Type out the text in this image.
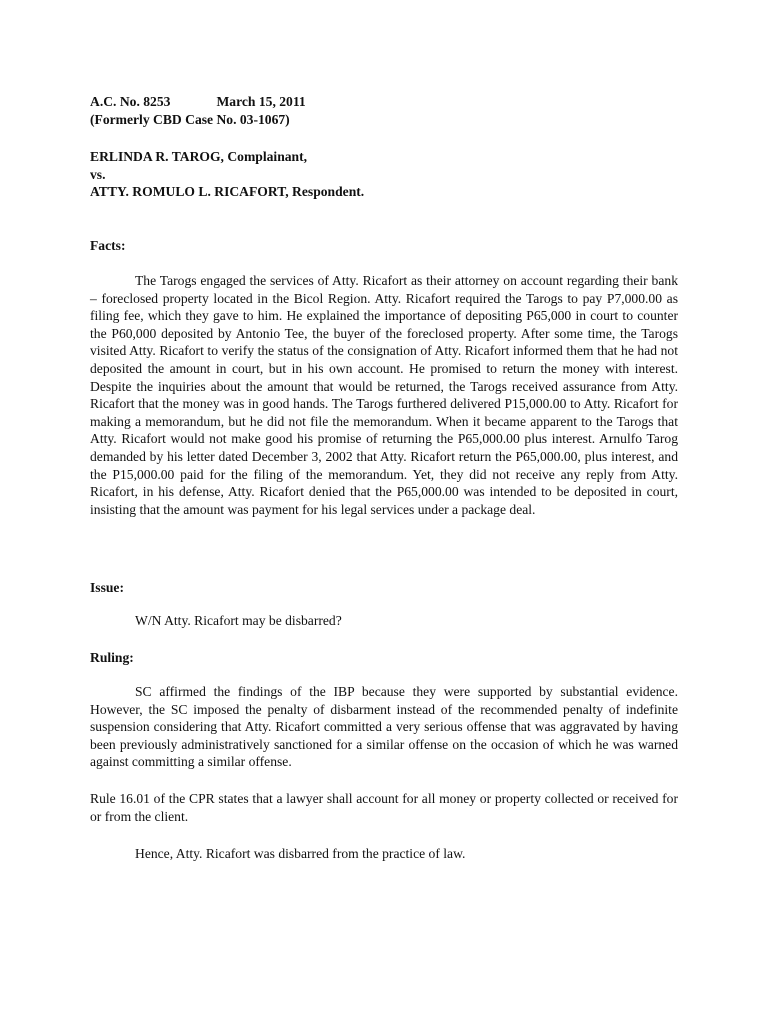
A.C. No. 8253	March 15, 2011
(Formerly CBD Case No. 03-1067)
ERLINDA R. TAROG, Complainant,
vs.
ATTY. ROMULO L. RICAFORT, Respondent.
Facts:

The Tarogs engaged the services of Atty. Ricafort as their attorney on account regarding their bank – foreclosed property located in the Bicol Region. Atty. Ricafort required the Tarogs to pay P7,000.00 as filing fee, which they gave to him. He explained the importance of depositing P65,000 in court to counter the P60,000 deposited by Antonio Tee, the buyer of the foreclosed property. After some time, the Tarogs visited Atty. Ricafort to verify the status of the consignation of Atty. Ricafort informed them that he had not deposited the amount in court, but in his own account. He promised to return the money with interest. Despite the inquiries about the amount that would be returned, the Tarogs received assurance from Atty. Ricafort that the money was in good hands. The Tarogs furthered delivered P15,000.00 to Atty. Ricafort for making a memorandum, but he did not file the memorandum. When it became apparent to the Tarogs that Atty. Ricafort would not make good his promise of returning the P65,000.00 plus interest. Arnulfo Tarog demanded by his letter dated December 3, 2002 that Atty. Ricafort return the P65,000.00, plus interest, and the P15,000.00 paid for the filing of the memorandum. Yet, they did not receive any reply from Atty. Ricafort, in his defense, Atty. Ricafort denied that the P65,000.00 was intended to be deposited in court, insisting that the amount was payment for his legal services under a package deal.

Issue:

W/N Atty. Ricafort may be disbarred?

Ruling:

SC affirmed the findings of the IBP because they were supported by substantial evidence. However, the SC imposed the penalty of disbarment instead of the recommended penalty of indefinite suspension considering that Atty. Ricafort committed a very serious offense that was aggravated by having been previously administratively sanctioned for a similar offense on the occasion of which he was warned against committing a similar offense.

Rule 16.01 of the CPR states that a lawyer shall account for all money or property collected or received for or from the client.

Hence, Atty. Ricafort was disbarred from the practice of law.
